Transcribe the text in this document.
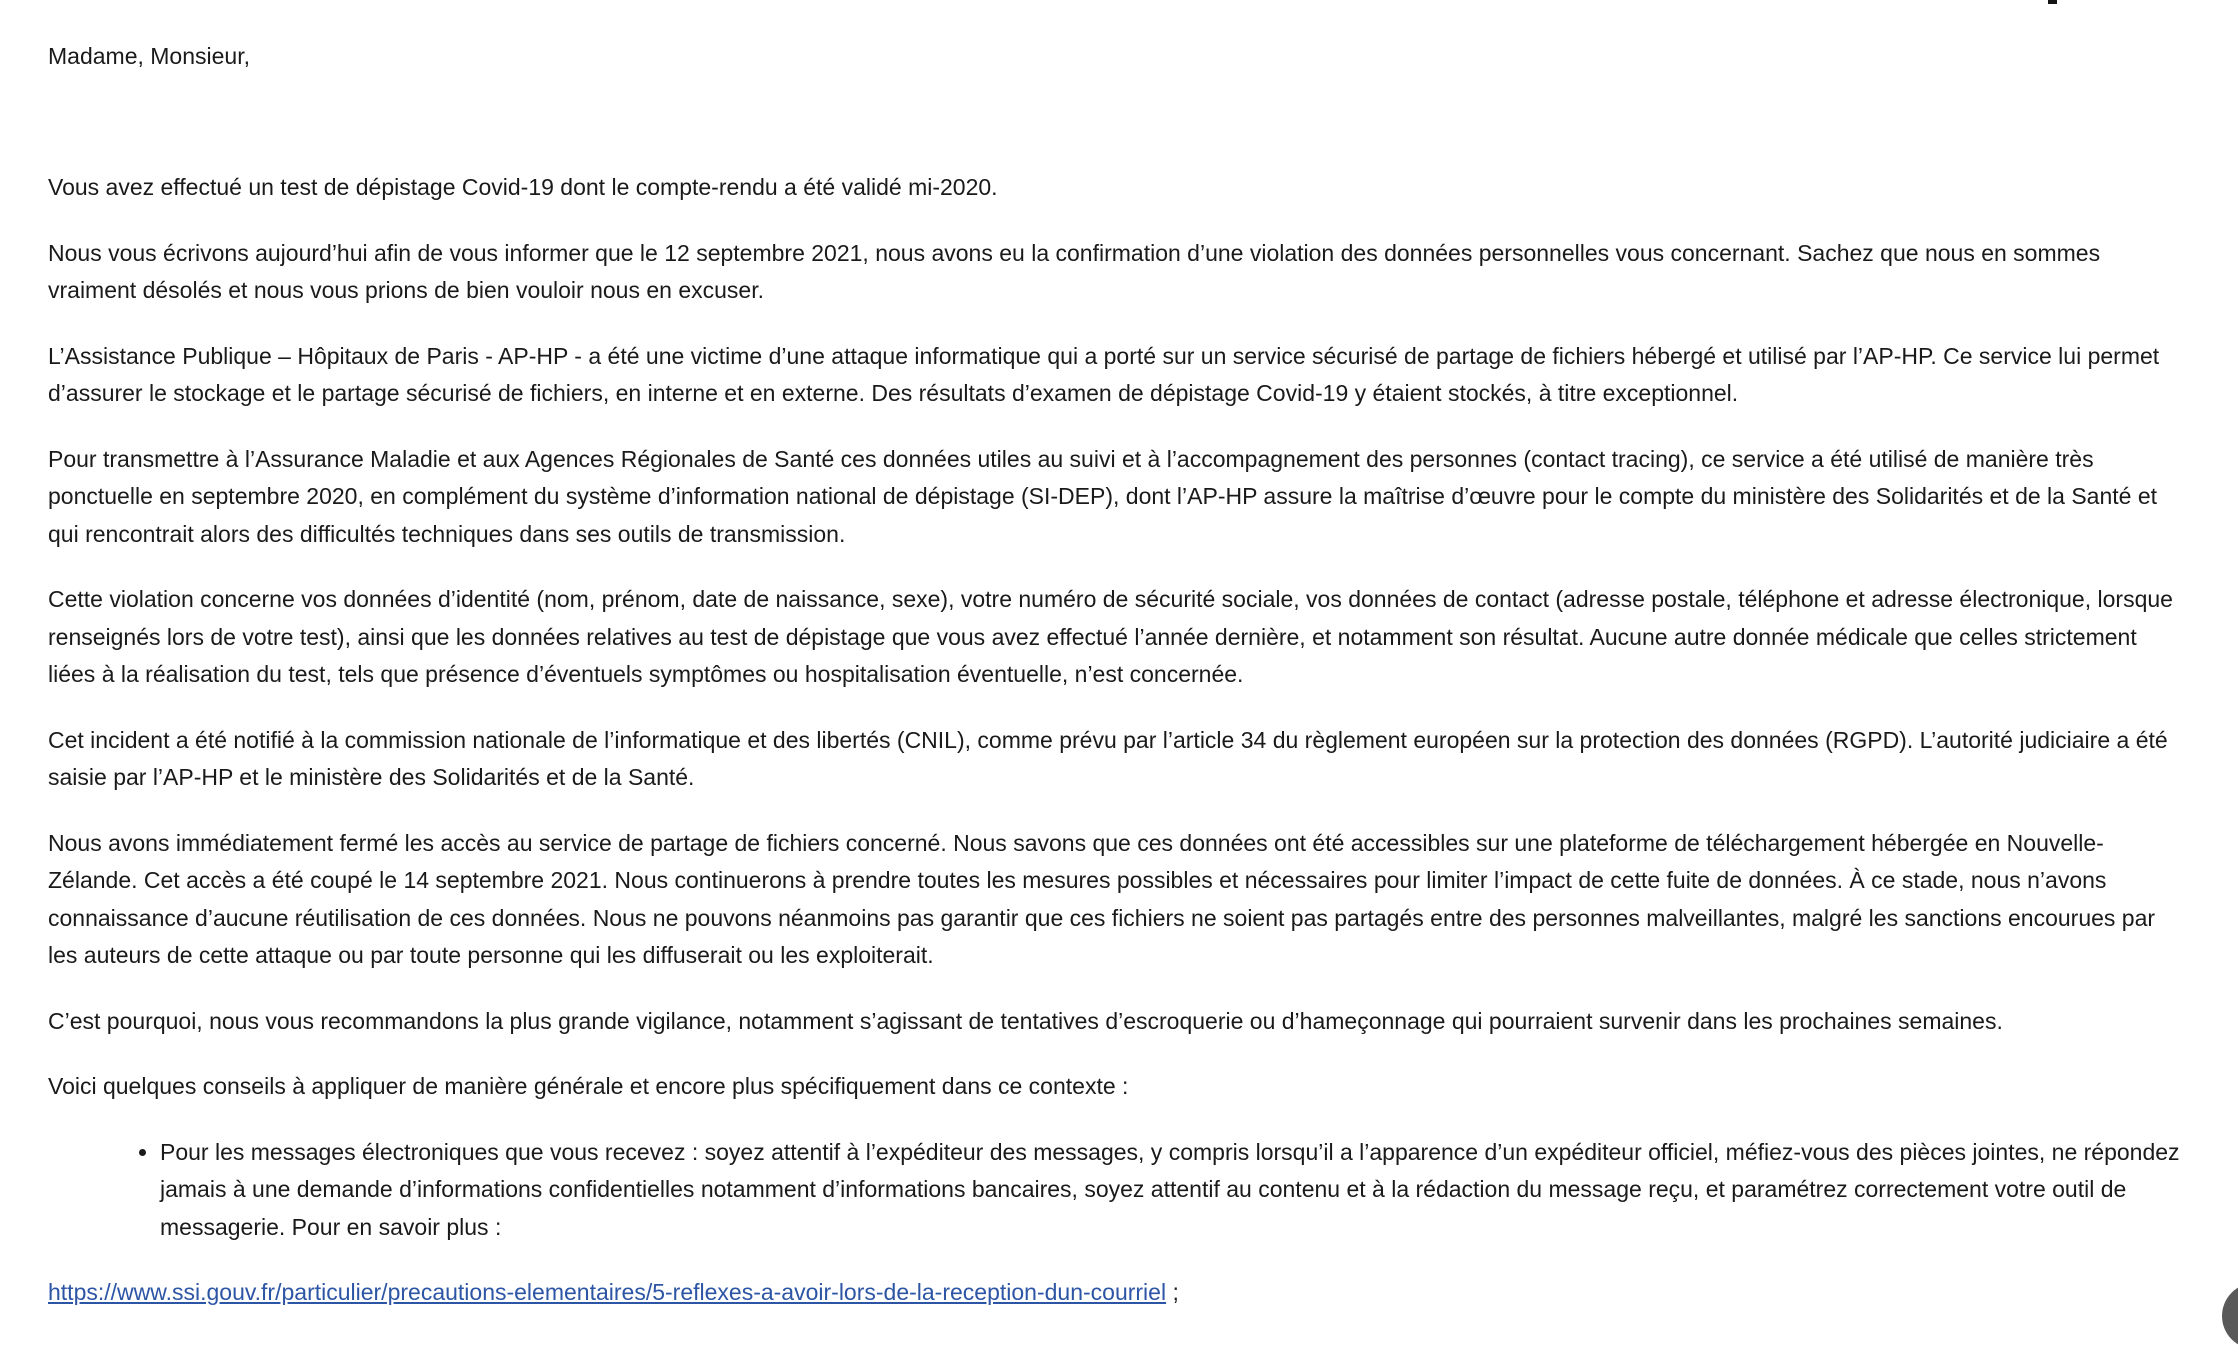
Madame, Monsieur,

Vous avez effectué un test de dépistage Covid-19 dont le compte-rendu a été validé mi-2020.

Nous vous écrivons aujourd’hui afin de vous informer que le 12 septembre 2021, nous avons eu la confirmation d’une violation des données personnelles vous concernant. Sachez que nous en sommes vraiment désolés et nous vous prions de bien vouloir nous en excuser.

L’Assistance Publique – Hôpitaux de Paris - AP-HP - a été une victime d’une attaque informatique qui a porté sur un service sécurisé de partage de fichiers hébergé et utilisé par l’AP-HP. Ce service lui permet d’assurer le stockage et le partage sécurisé de fichiers, en interne et en externe. Des résultats d’examen de dépistage Covid-19 y étaient stockés, à titre exceptionnel.

Pour transmettre à l’Assurance Maladie et aux Agences Régionales de Santé ces données utiles au suivi et à l’accompagnement des personnes (contact tracing), ce service a été utilisé de manière très ponctuelle en septembre 2020, en complément du système d’information national de dépistage (SI-DEP), dont l’AP-HP assure la maîtrise d’œuvre pour le compte du ministère des Solidarités et de la Santé et qui rencontrait alors des difficultés techniques dans ses outils de transmission.

Cette violation concerne vos données d’identité (nom, prénom, date de naissance, sexe), votre numéro de sécurité sociale, vos données de contact (adresse postale, téléphone et adresse électronique, lorsque renseignés lors de votre test), ainsi que les données relatives au test de dépistage que vous avez effectué l’année dernière, et notamment son résultat. Aucune autre donnée médicale que celles strictement liées à la réalisation du test, tels que présence d’éventuels symptômes ou hospitalisation éventuelle, n’est concernée.

Cet incident a été notifié à la commission nationale de l’informatique et des libertés (CNIL), comme prévu par l’article 34 du règlement européen sur la protection des données (RGPD). L’autorité judiciaire a été saisie par l’AP-HP et le ministère des Solidarités et de la Santé.

Nous avons immédiatement fermé les accès au service de partage de fichiers concerné. Nous savons que ces données ont été accessibles sur une plateforme de téléchargement hébergée en Nouvelle-Zélande. Cet accès a été coupé le 14 septembre 2021. Nous continuerons à prendre toutes les mesures possibles et nécessaires pour limiter l’impact de cette fuite de données. À ce stade, nous n’avons connaissance d’aucune réutilisation de ces données. Nous ne pouvons néanmoins pas garantir que ces fichiers ne soient pas partagés entre des personnes malveillantes, malgré les sanctions encourues par les auteurs de cette attaque ou par toute personne qui les diffuserait ou les exploiterait.

C’est pourquoi, nous vous recommandons la plus grande vigilance, notamment s’agissant de tentatives d’escroquerie ou d’hameçonnage qui pourraient survenir dans les prochaines semaines.

Voici quelques conseils à appliquer de manière générale et encore plus spécifiquement dans ce contexte :

• Pour les messages électroniques que vous recevez : soyez attentif à l’expéditeur des messages, y compris lorsqu’il a l’apparence d’un expéditeur officiel, méfiez-vous des pièces jointes, ne répondez jamais à une demande d’informations confidentielles notamment d’informations bancaires, soyez attentif au contenu et à la rédaction du message reçu, et paramétrez correctement votre outil de messagerie. Pour en savoir plus :

https://www.ssi.gouv.fr/particulier/precautions-elementaires/5-reflexes-a-avoir-lors-de-la-reception-dun-courriel ;
